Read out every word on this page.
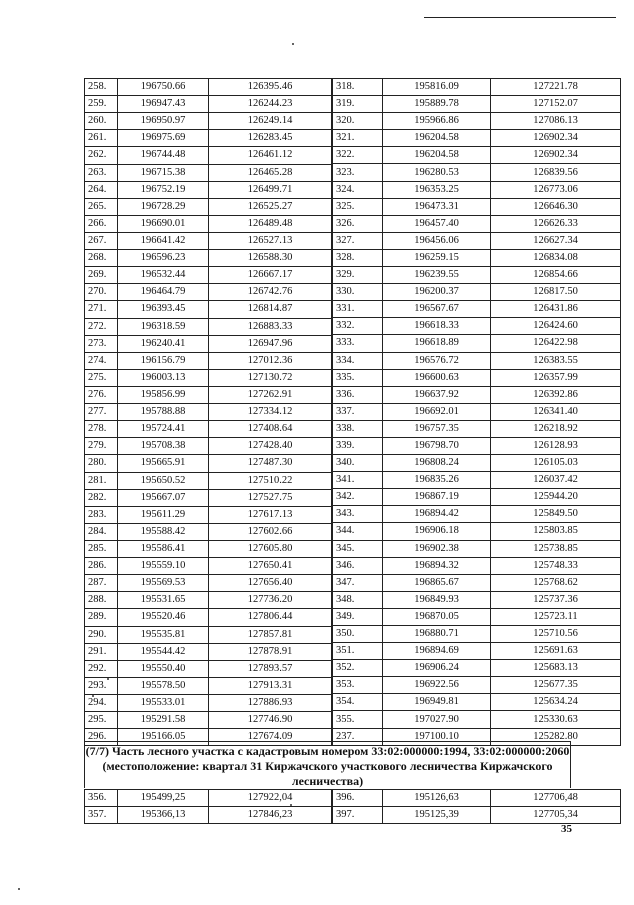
258.	196750.66	126395.46
259.	196947.43	126244.23
260.	196950.97	126249.14
261.	196975.69	126283.45
262.	196744.48	126461.12
263.	196715.38	126465.28
264.	196752.19	126499.71
265.	196728.29	126525.27
266.	196690.01	126489.48
267.	196641.42	126527.13
268.	196596.23	126588.30
269.	196532.44	126667.17
270.	196464.79	126742.76
271.	196393.45	126814.87
272.	196318.59	126883.33
273.	196240.41	126947.96
274.	196156.79	127012.36
275.	196003.13	127130.72
276.	195856.99	127262.91
277.	195788.88	127334.12
278.	195724.41	127408.64
279.	195708.38	127428.40
280.	195665.91	127487.30
281.	195650.52	127510.22
282.	195667.07	127527.75
283.	195611.29	127617.13
284.	195588.42	127602.66
285.	195586.41	127605.80
286.	195559.10	127650.41
287.	195569.53	127656.40
288.	195531.65	127736.20
289.	195520.46	127806.44
290.	195535.81	127857.81
291.	195544.42	127878.91
292.	195550.40	127893.57
293.	195578.50	127913.31
294.	195533.01	127886.93
295.	195291.58	127746.90
296.	195166.05	127674.09
318.	195816.09	127221.78
319.	195889.78	127152.07
320.	195966.86	127086.13
321.	196204.58	126902.34
322.	196204.58	126902.34
323.	196280.53	126839.56
324.	196353.25	126773.06
325.	196473.31	126646.30
326.	196457.40	126626.33
327.	196456.06	126627.34
328.	196259.15	126834.08
329.	196239.55	126854.66
330.	196200.37	126817.50
331.	196567.67	126431.86
332.	196618.33	126424.60
333.	196618.89	126422.98
334.	196576.72	126383.55
335.	196600.63	126357.99
336.	196637.92	126392.86
337.	196692.01	126341.40
338.	196757.35	126218.92
339.	196798.70	126128.93
340.	196808.24	126105.03
341.	196835.26	126037.42
342.	196867.19	125944.20
343.	196894.42	125849.50
344.	196906.18	125803.85
345.	196902.38	125738.85
346.	196894.32	125748.33
347.	196865.67	125768.62
348.	196849.93	125737.36
349.	196870.05	125723.11
350.	196880.71	125710.56
351.	196894.69	125691.63
352.	196906.24	125683.13
353.	196922.56	125677.35
354.	196949.81	125634.24
355.	197027.90	125330.63
237.	197100.10	125282.80
(7/7) Часть лесного участка с кадастровым номером 33:02:000000:1994, 33:02:000000:2060
(местоположение: квартал 31 Киржачского участкового лесничества Киржачского
лесничества)
356.	195499,25	127922,04
357.	195366,13	127846,23
396.	195126,63	127706,48
397.	195125,39	127705,34
35
